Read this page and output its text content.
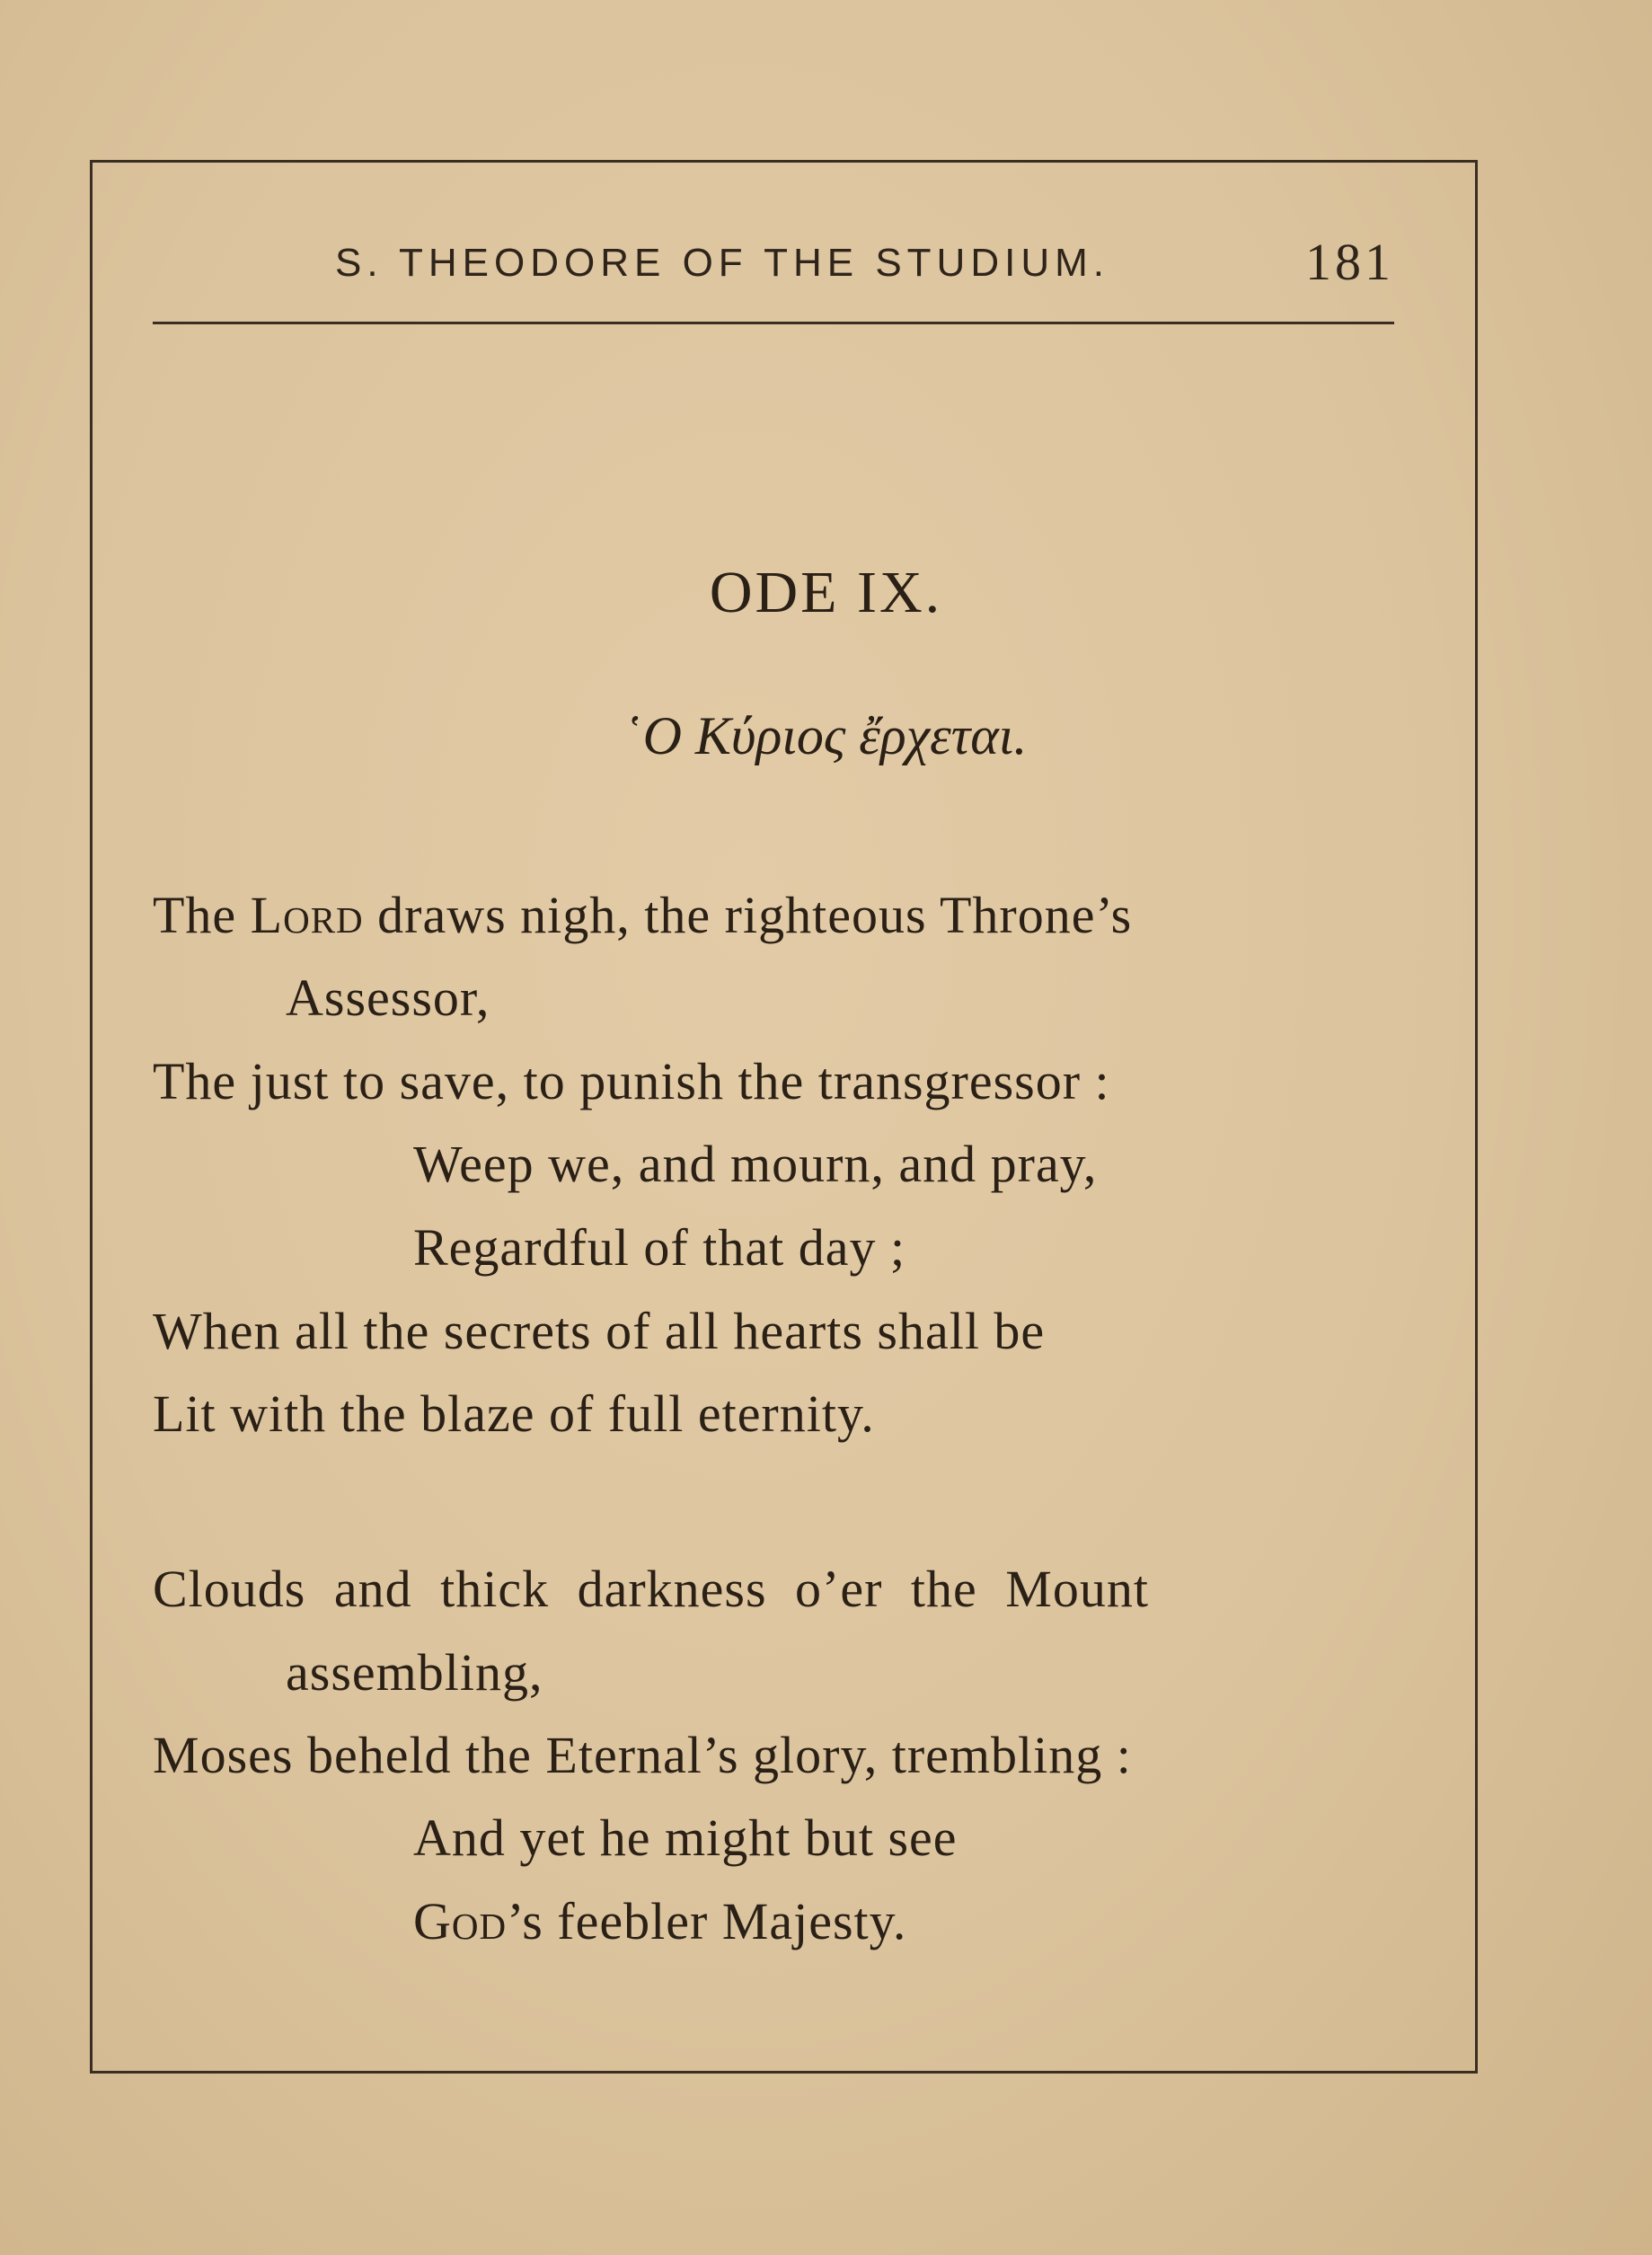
S. THEODORE OF THE STUDIUM.	181
ODE IX.
῾Ο Κύριος ἔρχεται.
The Lord draws nigh, the righteous Throne’s
Assessor,
The just to save, to punish the transgressor :
Weep we, and mourn, and pray,
Regardful of that day ;
When all the secrets of all hearts shall be
Lit with the blaze of full eternity.
Clouds and thick darkness o’er the Mount
assembling,
Moses beheld the Eternal’s glory, trembling :
And yet he might but see
God’s feebler Majesty.
